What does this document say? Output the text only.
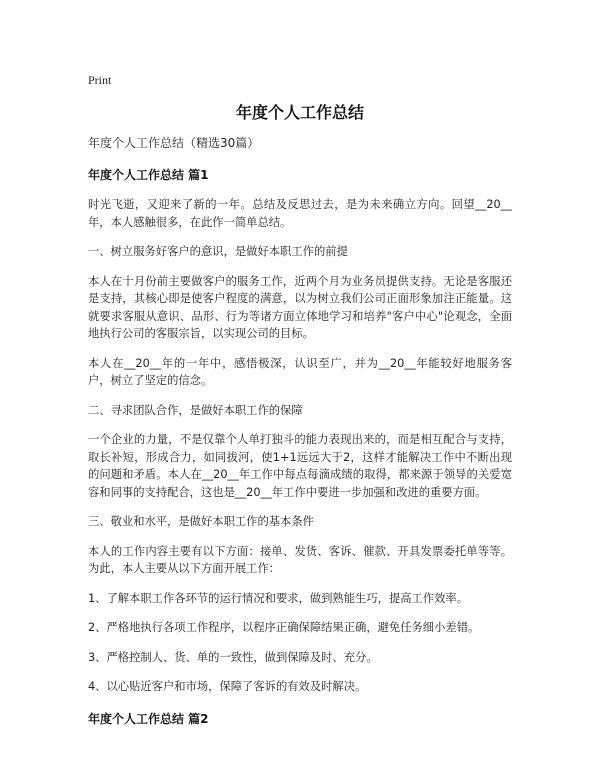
Print

年度个人工作总结

年度个人工作总结（精选30篇）

年度个人工作总结 篇1

时光飞逝，又迎来了新的一年。总结及反思过去，是为未来确立方向。回望__20__年，本人感触很多，在此作一简单总结。

一、树立服务好客户的意识，是做好本职工作的前提

本人在十月份前主要做客户的服务工作，近两个月为业务员提供支持。无论是客服还是支持，其核心即是使客户程度的满意，以为树立我们公司正面形象加注正能量。这就要求客服从意识、品形、行为等诸方面立体地学习和培养"客户中心"论观念，全面地执行公司的客服宗旨，以实现公司的目标。

本人在__20__年的一年中，感悟极深，认识至广，并为__20__年能较好地服务客户，树立了坚定的信念。

二、寻求团队合作，是做好本职工作的保障

一个企业的力量，不是仅靠个人单打独斗的能力表现出来的，而是相互配合与支持，取长补短，形成合力，如同拔河，使1+1远远大于2，这样才能解决工作中不断出现的问题和矛盾。本人在__20__年工作中每点每滴成绩的取得，都来源于领导的关爱宽容和同事的支持配合，这也是__20__年工作中要进一步加强和改进的重要方面。

三、敬业和水平，是做好本职工作的基本条件

本人的工作内容主要有以下方面：接单、发货、客诉、催款、开具发票委托单等等。为此，本人主要从以下方面开展工作：

1、了解本职工作各环节的运行情况和要求，做到熟能生巧，提高工作效率。

2、严格地执行各项工作程序，以程序正确保障结果正确，避免任务细小差错。

3、严格控制人、货、单的一致性，做到保障及时、充分。

4、以心贴近客户和市场，保障了客诉的有效及时解决。

年度个人工作总结 篇2
